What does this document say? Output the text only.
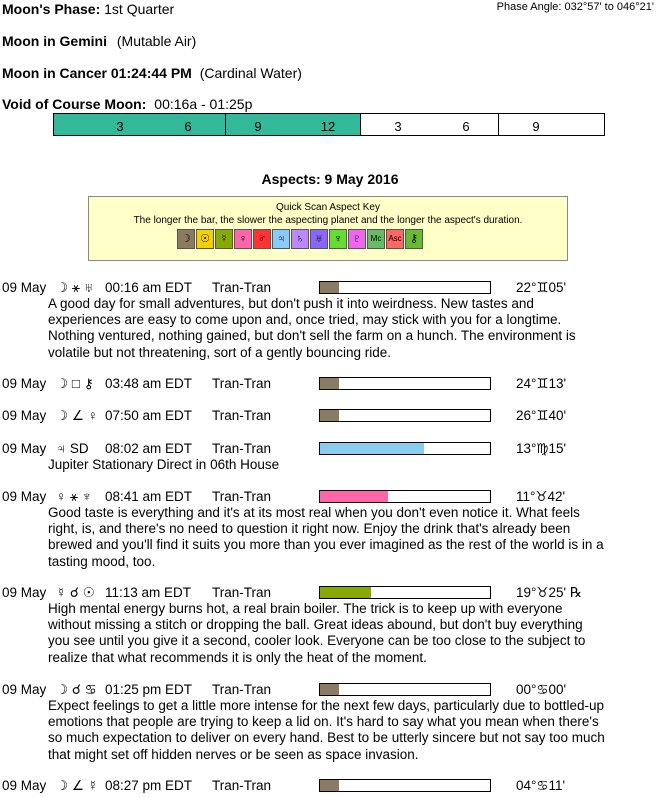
Moon's Phase: 1st Quarter	Phase Angle: 032°57' to 046°21'
Moon in Gemini (Mutable Air)
Moon in Cancer 01:24:44 PM (Cardinal Water)
Void of Course Moon: 00:16a - 01:25p
3	6	9	12	3	6	9
Aspects: 9 May 2016
Quick Scan Aspect Key
The longer the bar, the slower the aspecting planet and the longer the aspect's duration.
☽ ☉ ☿ ♀ ♂ ♃ ♄ ♅ ♆ ♇	Mc Asc ⚷
09 May ☽ ⚹ ♅ 00:16 am EDT Tran-Tran	22°♊05'
A good day for small adventures, but don't push it into weirdness. New tastes and
experiences are easy to come upon and, once tried, may stick with you for a longtime.
Nothing ventured, nothing gained, but don't sell the farm on a hunch. The environment is
volatile but not threatening, sort of a gently bouncing ride.
09 May ☽ □ ⚷ 03:48 am EDT Tran-Tran	24°♊13'
09 May ☽ ∠ ♀ 07:50 am EDT Tran-Tran	26°♊40'
09 May ♃ SD 08:02 am EDT Tran-Tran	13°♍15'
Jupiter Stationary Direct in 06th House
09 May ♀ ⚹ ♆ 08:41 am EDT Tran-Tran	11°♉42'
Good taste is everything and it's at its most real when you don't even notice it. What feels
right, is, and there's no need to question it right now. Enjoy the drink that's already been
brewed and you'll find it suits you more than you ever imagined as the rest of the world is in a
tasting mood, too.
09 May ☿ ☌ ☉ 11:13 am EDT Tran-Tran	19°♉25' ℞
High mental energy burns hot, a real brain boiler. The trick is to keep up with everyone
without missing a stitch or dropping the ball. Great ideas abound, but don't buy everything
you see until you give it a second, cooler look. Everyone can be too close to the subject to
realize that what recommends it is only the heat of the moment.
09 May ☽ ☌ ♋ 01:25 pm EDT Tran-Tran	00°♋00'
Expect feelings to get a little more intense for the next few days, particularly due to bottled-up
emotions that people are trying to keep a lid on. It's hard to say what you mean when there's
so much expectation to deliver on every hand. Best to be utterly sincere but not say too much
that might set off hidden nerves or be seen as space invasion.
09 May ☽ ∠ ☿ 08:27 pm EDT Tran-Tran	04°♋11'
